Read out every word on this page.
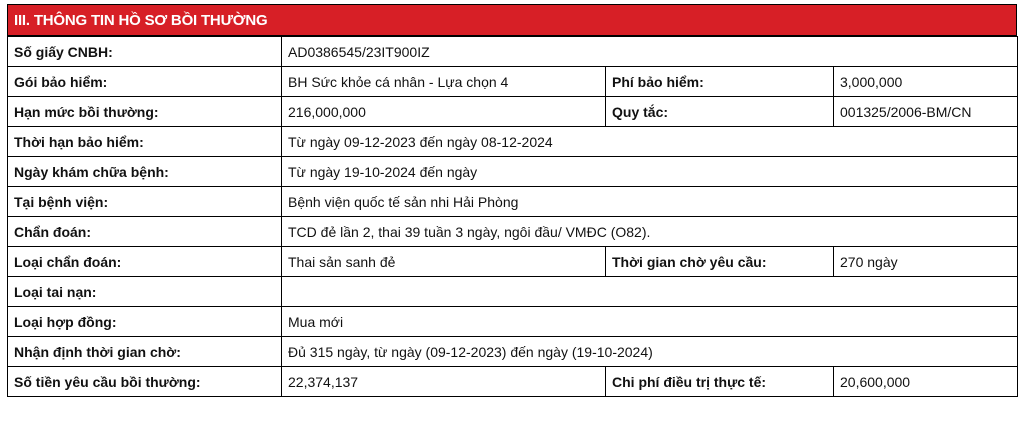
III. THÔNG TIN HỒ SƠ BỒI THƯỜNG
Số giấy CNBH:	AD0386545/23IT900IZ		
Gói bảo hiểm:	BH Sức khỏe cá nhân - Lựa chọn 4	Phí bảo hiểm:	3,000,000
Hạn mức bồi thường:	216,000,000	Quy tắc:	001325/2006-BM/CN
Thời hạn bảo hiểm:	Từ ngày 09-12-2023 đến ngày 08-12-2024		
Ngày khám chữa bệnh:	Từ ngày 19-10-2024 đến ngày		
Tại bệnh viện:	Bệnh viện quốc tế sản nhi Hải Phòng		
Chẩn đoán:	TCD đẻ lần 2, thai 39 tuần 3 ngày, ngôi đầu/ VMĐC (O82).		
Loại chẩn đoán:	Thai sản sanh đẻ	Thời gian chờ yêu cầu:	270 ngày
Loại tai nạn:			
Loại hợp đồng:	Mua mới		
Nhận định thời gian chờ:	Đủ 315 ngày, từ ngày (09-12-2023) đến ngày (19-10-2024)		
Số tiền yêu cầu bồi thường:	22,374,137	Chi phí điều trị thực tế:	20,600,000
